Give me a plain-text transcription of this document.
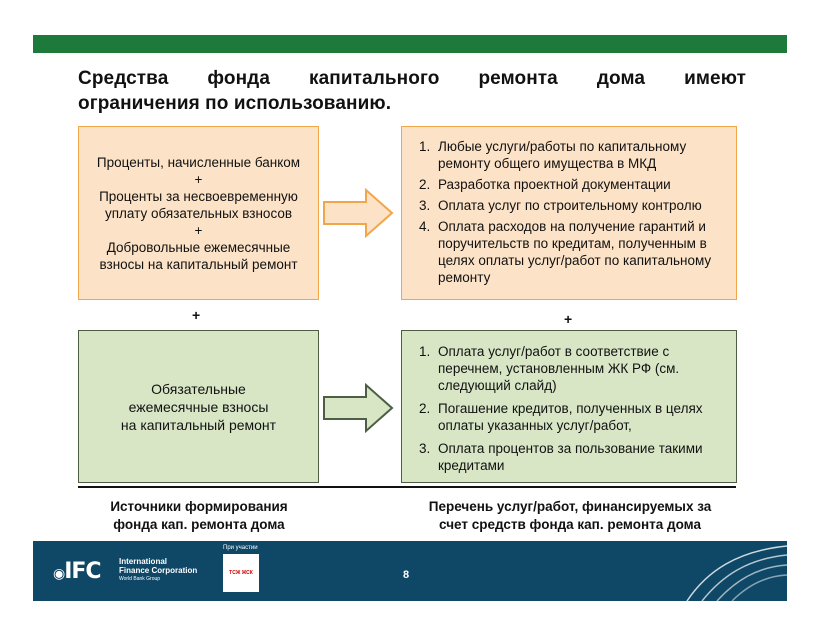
Средства фонда капитального ремонта дома имеют
ограничения по использованию.
Проценты, начисленные банком
+
Проценты за несвоевременную
уплату обязательных взносов
+
Добровольные ежемесячные
взносы на капитальный ремонт
1. Любые услуги/работы по капитальному ремонту общего имущества в МКД
2. Разработка проектной документации
3. Оплата услуг по строительному контролю
4. Оплата расходов на получение гарантий и поручительств по кредитам, полученным в целях оплаты услуг/работ по капитальному ремонту
+	+
Обязательные
ежемесячные взносы
на капитальный ремонт
1. Оплата услуг/работ в соответствие с перечнем, установленным ЖК РФ (см. следующий слайд)
2. Погашение кредитов, полученных в целях оплаты указанных услуг/работ,
3. Оплата процентов за пользование такими кредитами
Источники формирования
фонда кап. ремонта дома
Перечень услуг/работ, финансируемых за
счет средств фонда кап. ремонта дома
◉IFC International
Finance Corporation
World Bank Group
При участии
ТСЖ ЖСК	8
